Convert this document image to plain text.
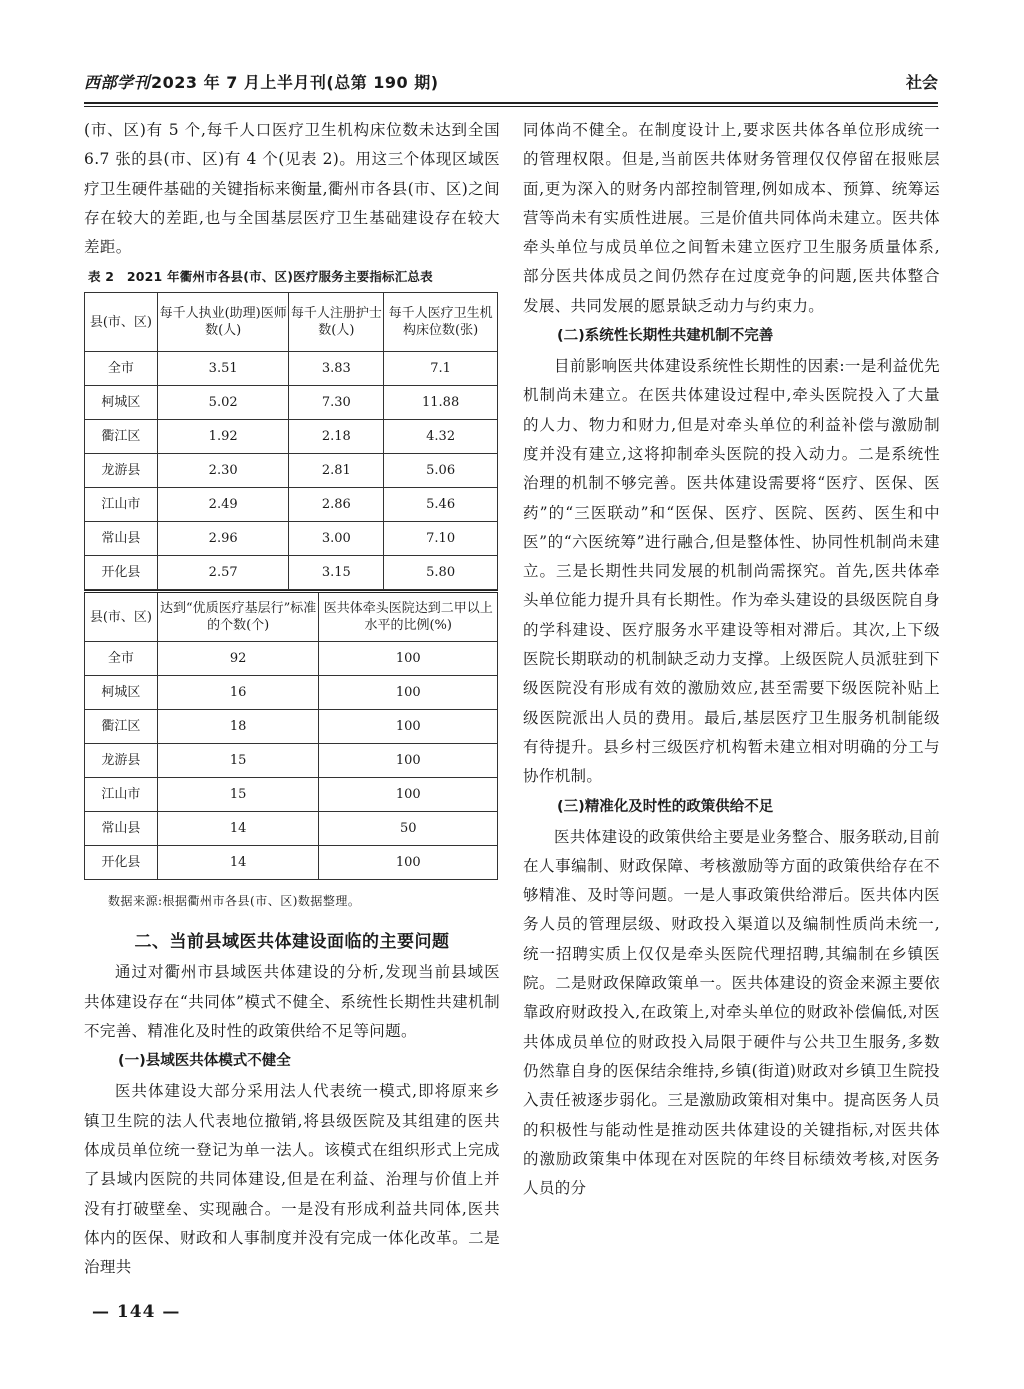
西部学刊2023 年 7 月上半月刊(总第 190 期)	社会

(市、区)有 5 个,每千人口医疗卫生机构床位数未达到全国 6.7 张的县(市、区)有 4 个(见表 2)。用这三个体现区域医疗卫生硬件基础的关键指标来衡量,衢州市各县(市、区)之间存在较大的差距,也与全国基层医疗卫生基础建设存在较大差距。

表 2　2021 年衢州市各县(市、区)医疗服务主要指标汇总表
县(市、区)	每千人执业(助理)医师数(人)	每千人注册护士数(人)	每千人医疗卫生机构床位数(张)
全市	3.51	3.83	7.1
柯城区	5.02	7.30	11.88
衢江区	1.92	2.18	4.32
龙游县	2.30	2.81	5.06
江山市	2.49	2.86	5.46
常山县	2.96	3.00	7.10
开化县	2.57	3.15	5.80
县(市、区)	达到“优质医疗基层行”标准的个数(个)	医共体牵头医院达到二甲以上水平的比例(%)
全市	92	100
柯城区	16	100
衢江区	18	100
龙游县	15	100
江山市	15	100
常山县	14	50
开化县	14	100
数据来源:根据衢州市各县(市、区)数据整理。
二、当前县域医共体建设面临的主要问题

通过对衢州市县域医共体建设的分析,发现当前县域医共体建设存在“共同体”模式不健全、系统性长期性共建机制不完善、精准化及时性的政策供给不足等问题。

(一)县域医共体模式不健全

医共体建设大部分采用法人代表统一模式,即将原来乡镇卫生院的法人代表地位撤销,将县级医院及其组建的医共体成员单位统一登记为单一法人。该模式在组织形式上完成了县域内医院的共同体建设,但是在利益、治理与价值上并没有打破壁垒、实现融合。一是没有形成利益共同体,医共体内的医保、财政和人事制度并没有完成一体化改革。二是治理共

同体尚不健全。在制度设计上,要求医共体各单位形成统一的管理权限。但是,当前医共体财务管理仅仅停留在报账层面,更为深入的财务内部控制管理,例如成本、预算、统筹运营等尚未有实质性进展。三是价值共同体尚未建立。医共体牵头单位与成员单位之间暂未建立医疗卫生服务质量体系,部分医共体成员之间仍然存在过度竞争的问题,医共体整合发展、共同发展的愿景缺乏动力与约束力。

(二)系统性长期性共建机制不完善

目前影响医共体建设系统性长期性的因素:一是利益优先机制尚未建立。在医共体建设过程中,牵头医院投入了大量的人力、物力和财力,但是对牵头单位的利益补偿与激励制度并没有建立,这将抑制牵头医院的投入动力。二是系统性治理的机制不够完善。医共体建设需要将“医疗、医保、医药”的“三医联动”和“医保、医疗、医院、医药、医生和中医”的“六医统筹”进行融合,但是整体性、协同性机制尚未建立。三是长期性共同发展的机制尚需探究。首先,医共体牵头单位能力提升具有长期性。作为牵头建设的县级医院自身的学科建设、医疗服务水平建设等相对滞后。其次,上下级医院长期联动的机制缺乏动力支撑。上级医院人员派驻到下级医院没有形成有效的激励效应,甚至需要下级医院补贴上级医院派出人员的费用。最后,基层医疗卫生服务机制能级有待提升。县乡村三级医疗机构暂未建立相对明确的分工与协作机制。

(三)精准化及时性的政策供给不足

医共体建设的政策供给主要是业务整合、服务联动,目前在人事编制、财政保障、考核激励等方面的政策供给存在不够精准、及时等问题。一是人事政策供给滞后。医共体内医务人员的管理层级、财政投入渠道以及编制性质尚未统一,统一招聘实质上仅仅是牵头医院代理招聘,其编制在乡镇医院。二是财政保障政策单一。医共体建设的资金来源主要依靠政府财政投入,在政策上,对牵头单位的财政补偿偏低,对医共体成员单位的财政投入局限于硬件与公共卫生服务,多数仍然靠自身的医保结余维持,乡镇(街道)财政对乡镇卫生院投入责任被逐步弱化。三是激励政策相对集中。提高医务人员的积极性与能动性是推动医共体建设的关键指标,对医共体的激励政策集中体现在对医院的年终目标绩效考核,对医务人员的分

— 144 —
